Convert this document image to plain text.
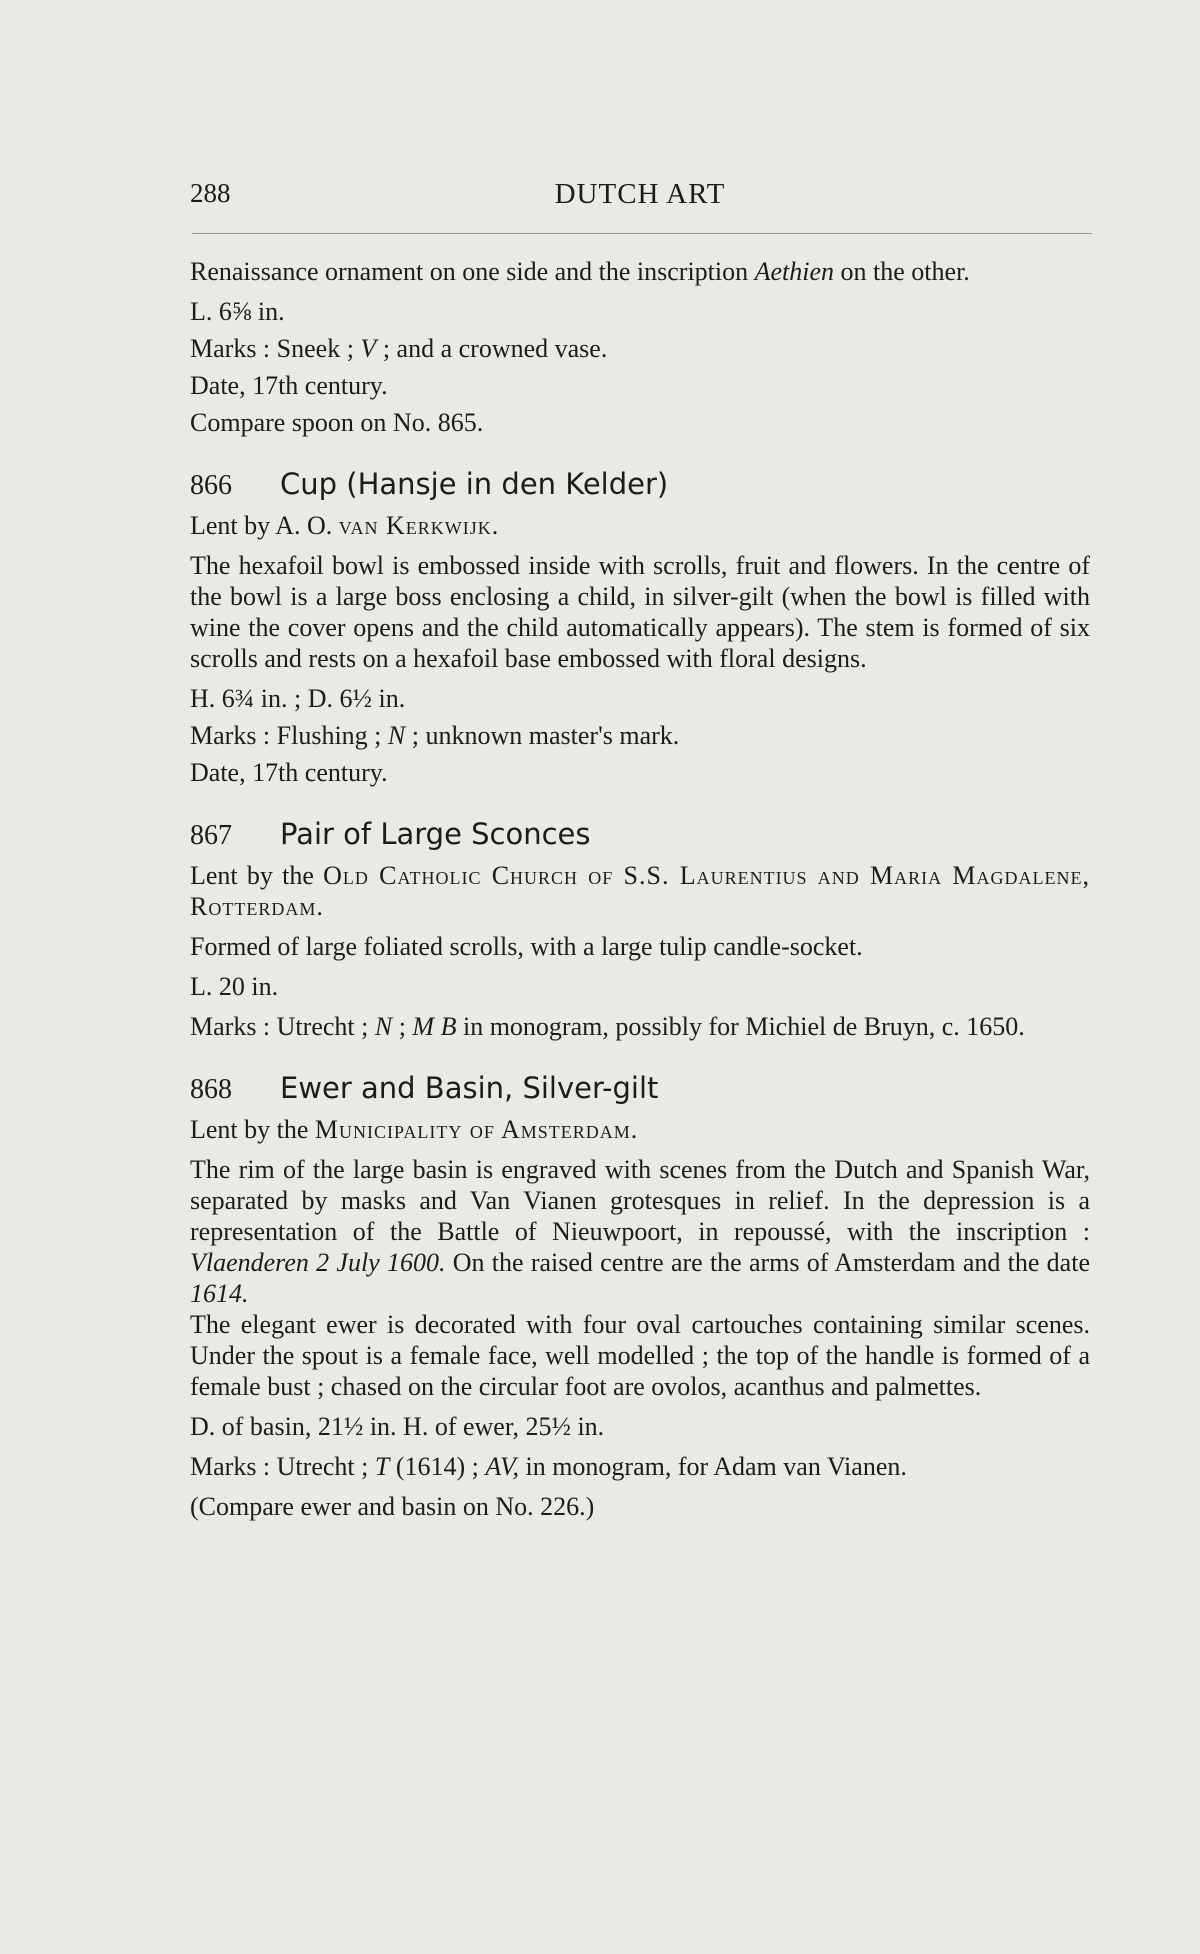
288	DUTCH ART

Renaissance ornament on one side and the inscription Aethien on the other.

L. 6⅝ in.

Marks : Sneek ; V ; and a crowned vase.

Date, 17th century.

Compare spoon on No. 865.

866	Cup (Hansje in den Kelder)

Lent by A. O. van Kerkwijk.

The hexafoil bowl is embossed inside with scrolls, fruit and flowers. In the centre of the bowl is a large boss enclosing a child, in silver-gilt (when the bowl is filled with wine the cover opens and the child automatically appears). The stem is formed of six scrolls and rests on a hexafoil base embossed with floral designs.

H. 6¾ in. ; D. 6½ in.

Marks : Flushing ; N ; unknown master's mark.

Date, 17th century.

867	Pair of Large Sconces

Lent by the Old Catholic Church of S.S. Laurentius and Maria Magdalene, Rotterdam.

Formed of large foliated scrolls, with a large tulip candle-socket.

L. 20 in.

Marks : Utrecht ; N ; M B in monogram, possibly for Michiel de Bruyn, c. 1650.

868	Ewer and Basin, Silver-gilt

Lent by the Municipality of Amsterdam.

The rim of the large basin is engraved with scenes from the Dutch and Spanish War, separated by masks and Van Vianen grotesques in relief. In the depression is a representation of the Battle of Nieuwpoort, in repoussé, with the inscription : Vlaenderen 2 July 1600. On the raised centre are the arms of Amsterdam and the date 1614.

The elegant ewer is decorated with four oval cartouches containing similar scenes. Under the spout is a female face, well modelled ; the top of the handle is formed of a female bust ; chased on the circular foot are ovolos, acanthus and palmettes.

D. of basin, 21½ in. H. of ewer, 25½ in.

Marks : Utrecht ; T (1614) ; AV, in monogram, for Adam van Vianen.

(Compare ewer and basin on No. 226.)
